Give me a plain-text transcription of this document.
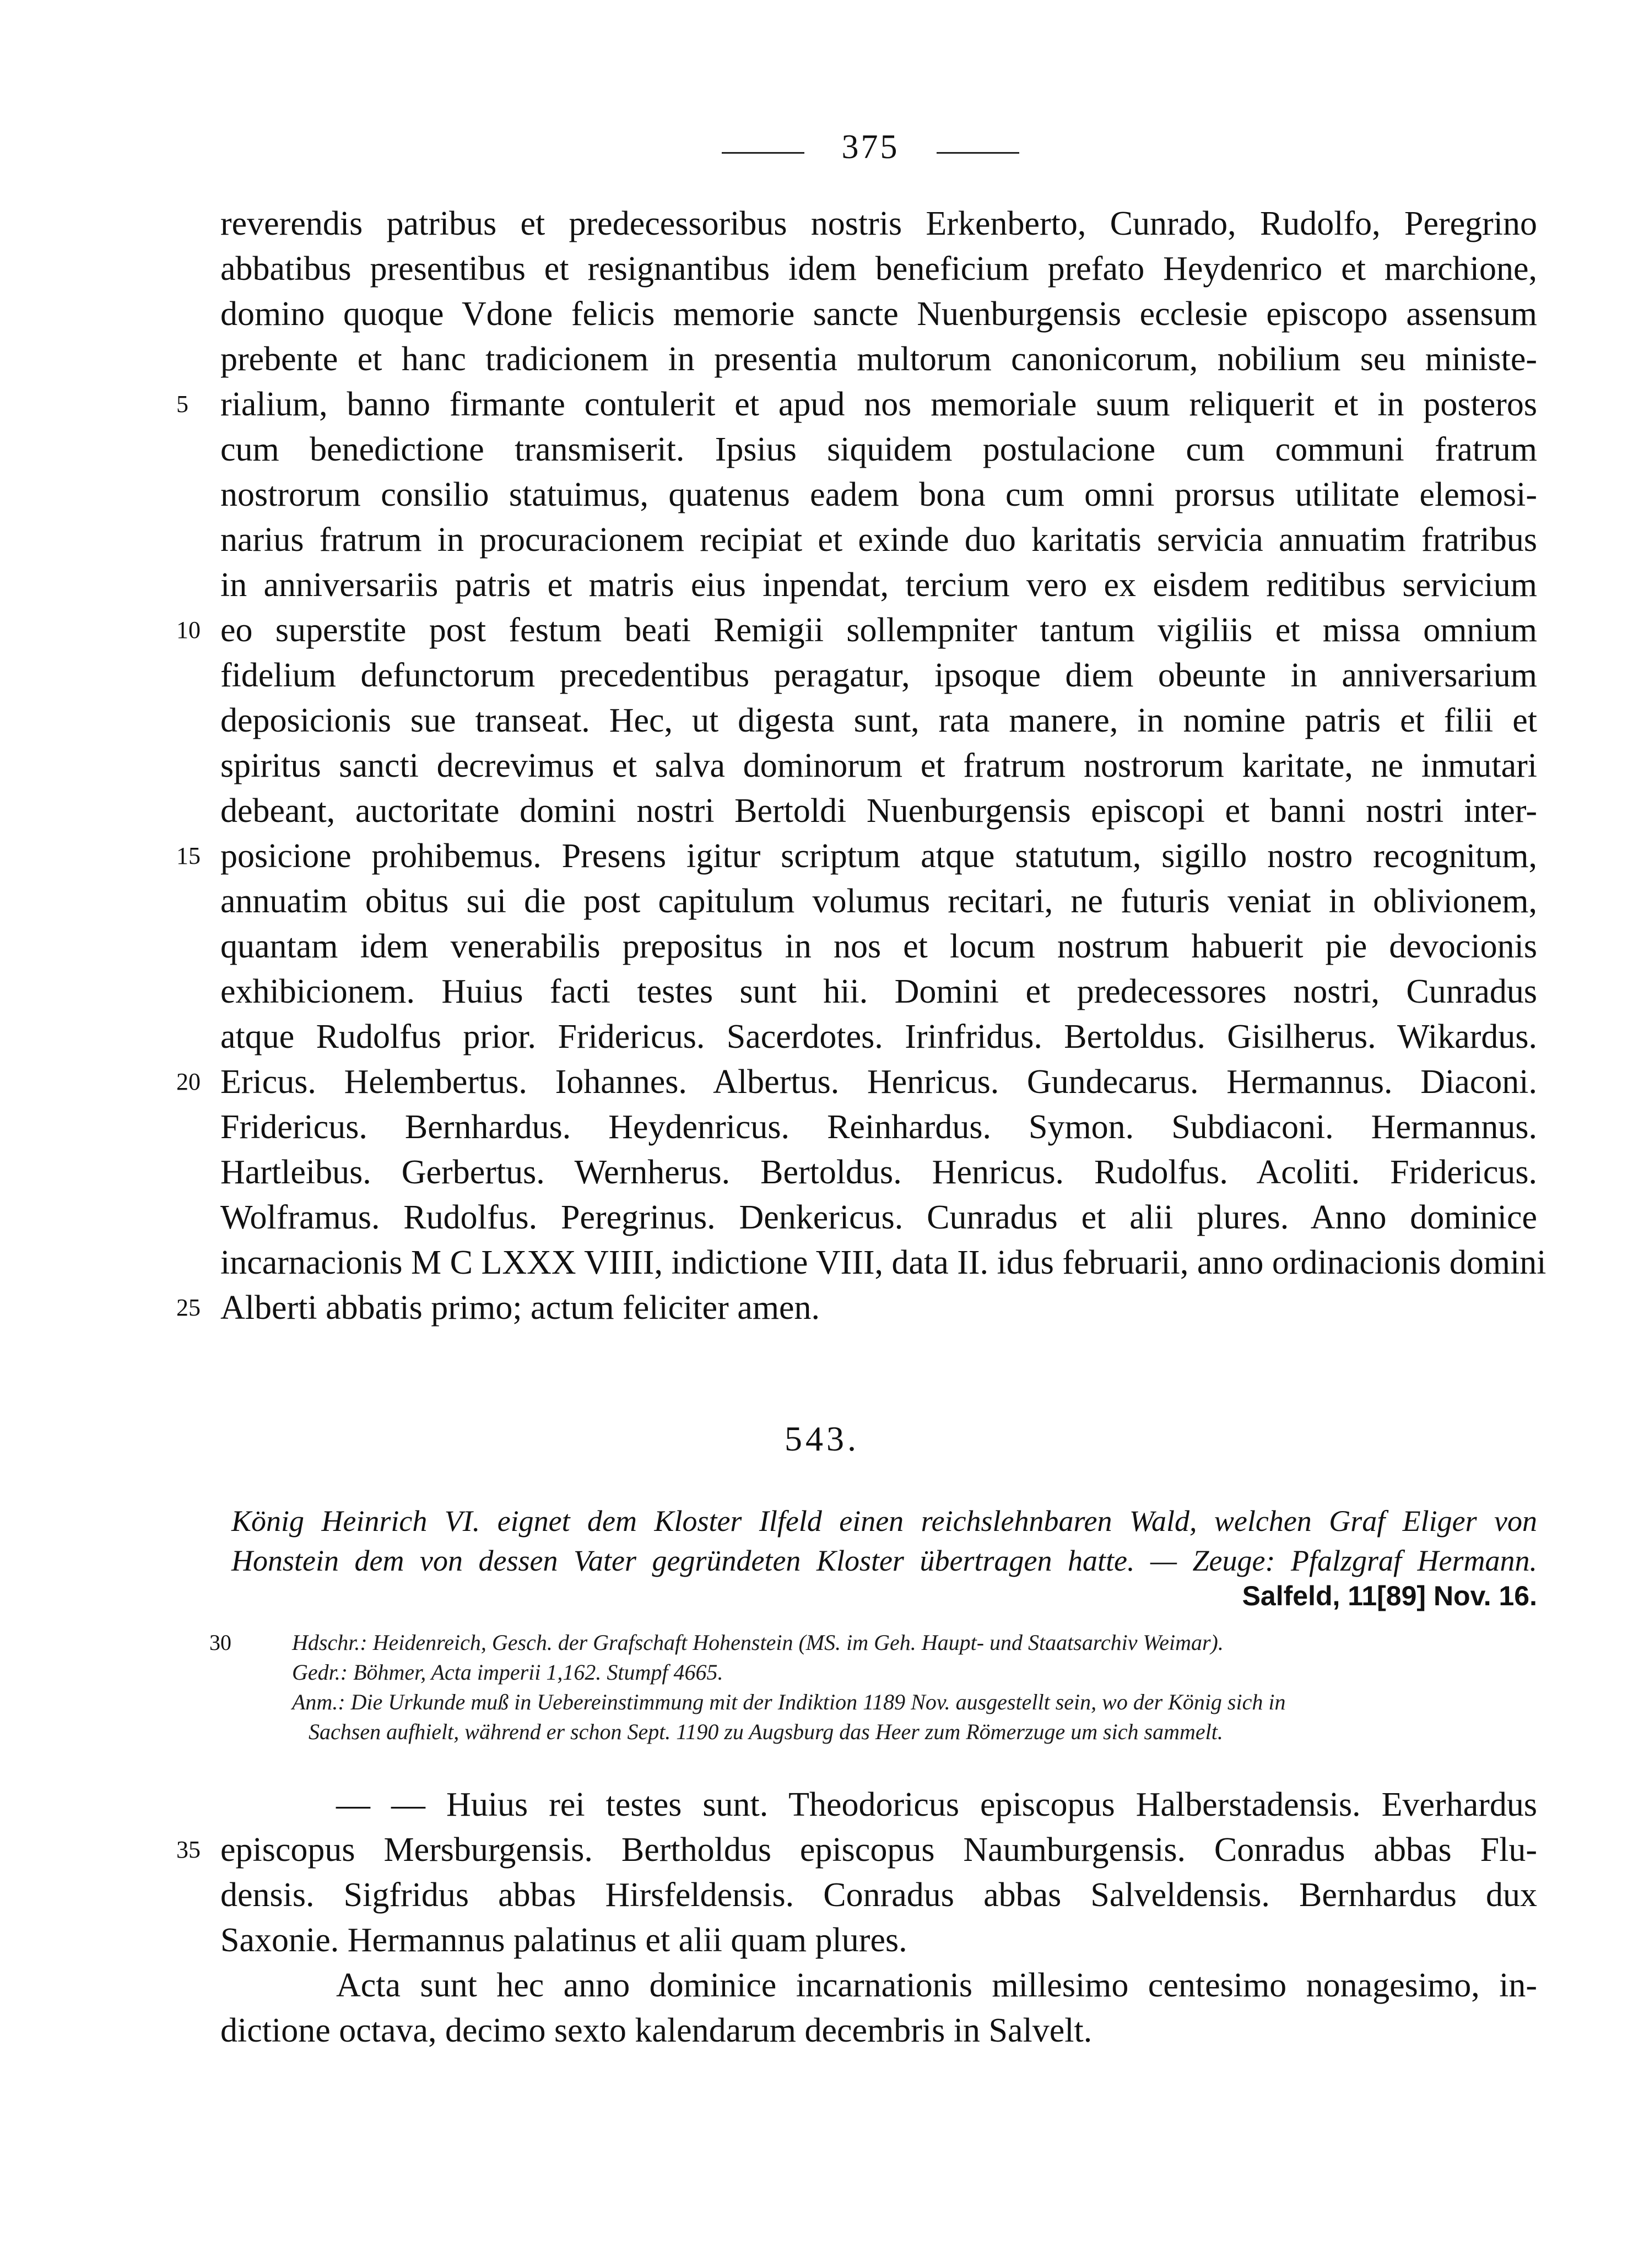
375
reverendis patribus et predecessoribus nostris Erkenberto, Cunrado, Rudolfo, Peregrino
abbatibus presentibus et resignantibus idem beneficium prefato Heydenrico et marchione,
domino quoque Vdone felicis memorie sancte Nuenburgensis ecclesie episcopo assensum
prebente et hanc tradicionem in presentia multorum canonicorum, nobilium seu ministe-
5 rialium, banno firmante contulerit et apud nos memoriale suum reliquerit et in posteros
cum benedictione transmiserit. Ipsius siquidem postulacione cum communi fratrum
nostrorum consilio statuimus, quatenus eadem bona cum omni prorsus utilitate elemosi-
narius fratrum in procuracionem recipiat et exinde duo karitatis servicia annuatim fratribus
in anniversariis patris et matris eius inpendat, tercium vero ex eisdem reditibus servicium
10 eo superstite post festum beati Remigii sollempniter tantum vigiliis et missa omnium
fidelium defunctorum precedentibus peragatur, ipsoque diem obeunte in anniversarium
deposicionis sue transeat. Hec, ut digesta sunt, rata manere, in nomine patris et filii et
spiritus sancti decrevimus et salva dominorum et fratrum nostrorum karitate, ne inmutari
debeant, auctoritate domini nostri Bertoldi Nuenburgensis episcopi et banni nostri inter-
15 posicione prohibemus. Presens igitur scriptum atque statutum, sigillo nostro recognitum,
annuatim obitus sui die post capitulum volumus recitari, ne futuris veniat in oblivionem,
quantam idem venerabilis prepositus in nos et locum nostrum habuerit pie devocionis
exhibicionem. Huius facti testes sunt hii. Domini et predecessores nostri, Cunradus
atque Rudolfus prior. Fridericus. Sacerdotes. Irinfridus. Bertoldus. Gisilherus. Wikardus.
20 Ericus. Helembertus. Iohannes. Albertus. Henricus. Gundecarus. Hermannus. Diaconi.
Fridericus. Bernhardus. Heydenricus. Reinhardus. Symon. Subdiaconi. Hermannus.
Hartleibus. Gerbertus. Wernherus. Bertoldus. Henricus. Rudolfus. Acoliti. Fridericus.
Wolframus. Rudolfus. Peregrinus. Denkericus. Cunradus et alii plures. Anno dominice
incarnacionis M C LXXX VIIII, indictione VIII, data II. idus februarii, anno ordinacionis domini
25 Alberti abbatis primo; actum feliciter amen.
543.
König Heinrich VI. eignet dem Kloster Ilfeld einen reichslehnbaren Wald, welchen Graf Eliger von
Honstein dem von dessen Vater gegründeten Kloster übertragen hatte. — Zeuge: Pfalzgraf Hermann.
Salfeld, 11[89] Nov. 16.
30	Hdschr.: Heidenreich, Gesch. der Grafschaft Hohenstein (MS. im Geh. Haupt- und Staatsarchiv Weimar).
Gedr.: Böhmer, Acta imperii 1,162. Stumpf 4665.
Anm.: Die Urkunde muß in Uebereinstimmung mit der Indiktion 1189 Nov. ausgestellt sein, wo der König sich in
Sachsen aufhielt, während er schon Sept. 1190 zu Augsburg das Heer zum Römerzuge um sich sammelt.
— — Huius rei testes sunt. Theodoricus episcopus Halberstadensis. Everhardus
35 episcopus Mersburgensis. Bertholdus episcopus Naumburgensis. Conradus abbas Flu-
densis. Sigfridus abbas Hirsfeldensis. Conradus abbas Salveldensis. Bernhardus dux
Saxonie. Hermannus palatinus et alii quam plures.
Acta sunt hec anno dominice incarnationis millesimo centesimo nonagesimo, in-
dictione octava, decimo sexto kalendarum decembris in Salvelt.
